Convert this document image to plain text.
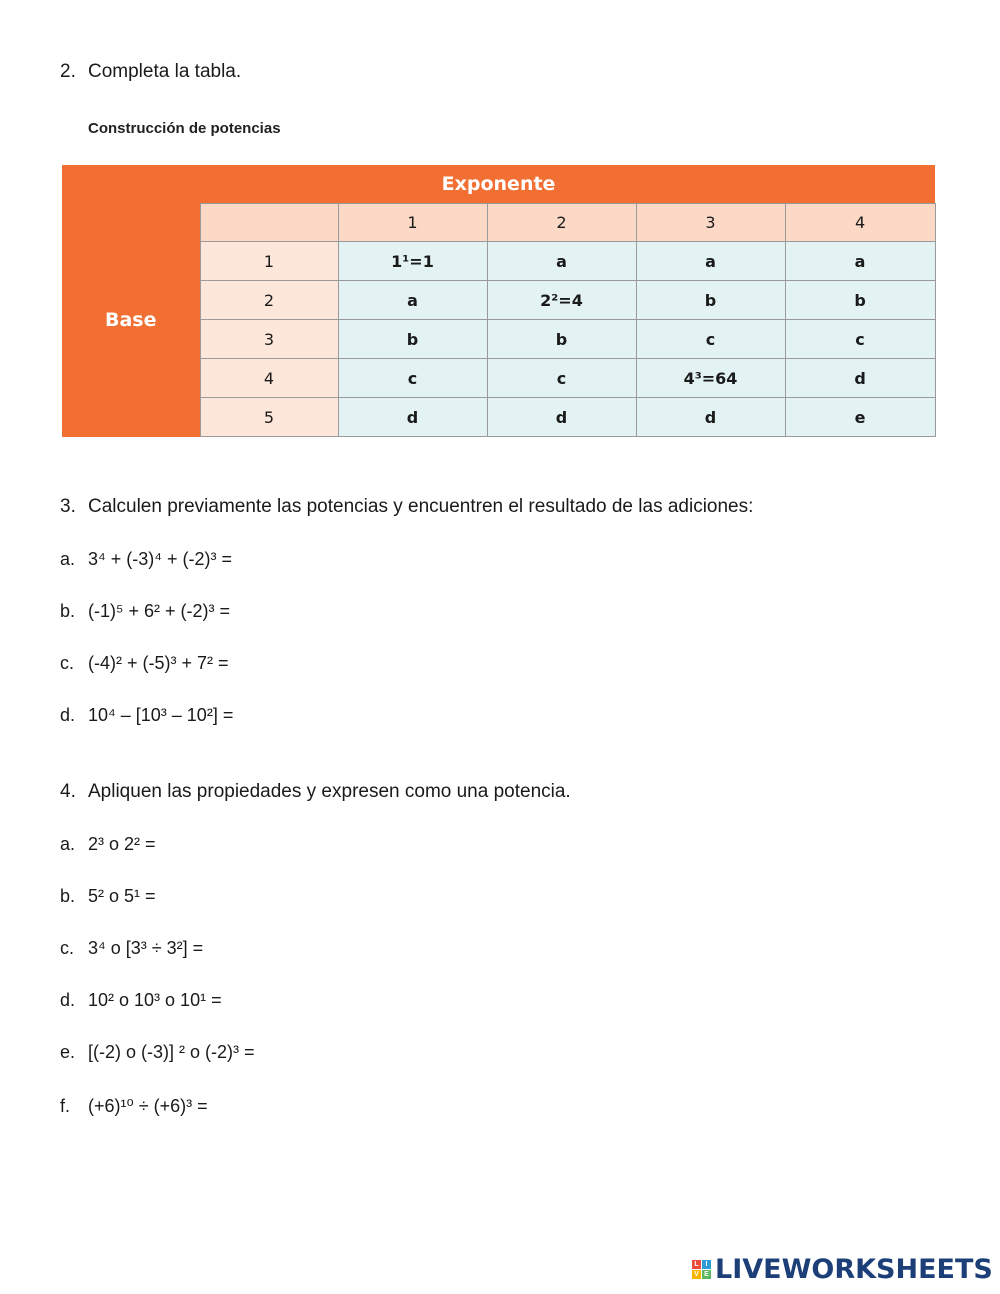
2. Completa la tabla.
Construcción de potencias
Exponente					
Base		1	2	3	4
	1	1¹=1	a	a	a
	2	a	2²=4	b	b
	3	b	b	c	c
	4	c	c	4³=64	d
	5	d	d	d	e
3. Calculen previamente las potencias y encuentren el resultado de las adiciones:
a. 3⁴ + (-3)⁴ + (-2)³ =
b. (-1)⁵ + 6² + (-2)³ =
c. (-4)² + (-5)³ + 7² =
d. 10⁴ – [10³ – 10²] =
4. Apliquen las propiedades y expresen como una potencia.
a. 2³ o 2² =
b. 5² o 5¹ =
c. 3⁴ o [3³ ÷ 3²] =
d. 10² o 10³ o 10¹ =
e. [(-2) o (-3)] ² o (-2)³ =
f. (+6)¹⁰ ÷ (+6)³ =
L I
V E LIVEWORKSHEETS
